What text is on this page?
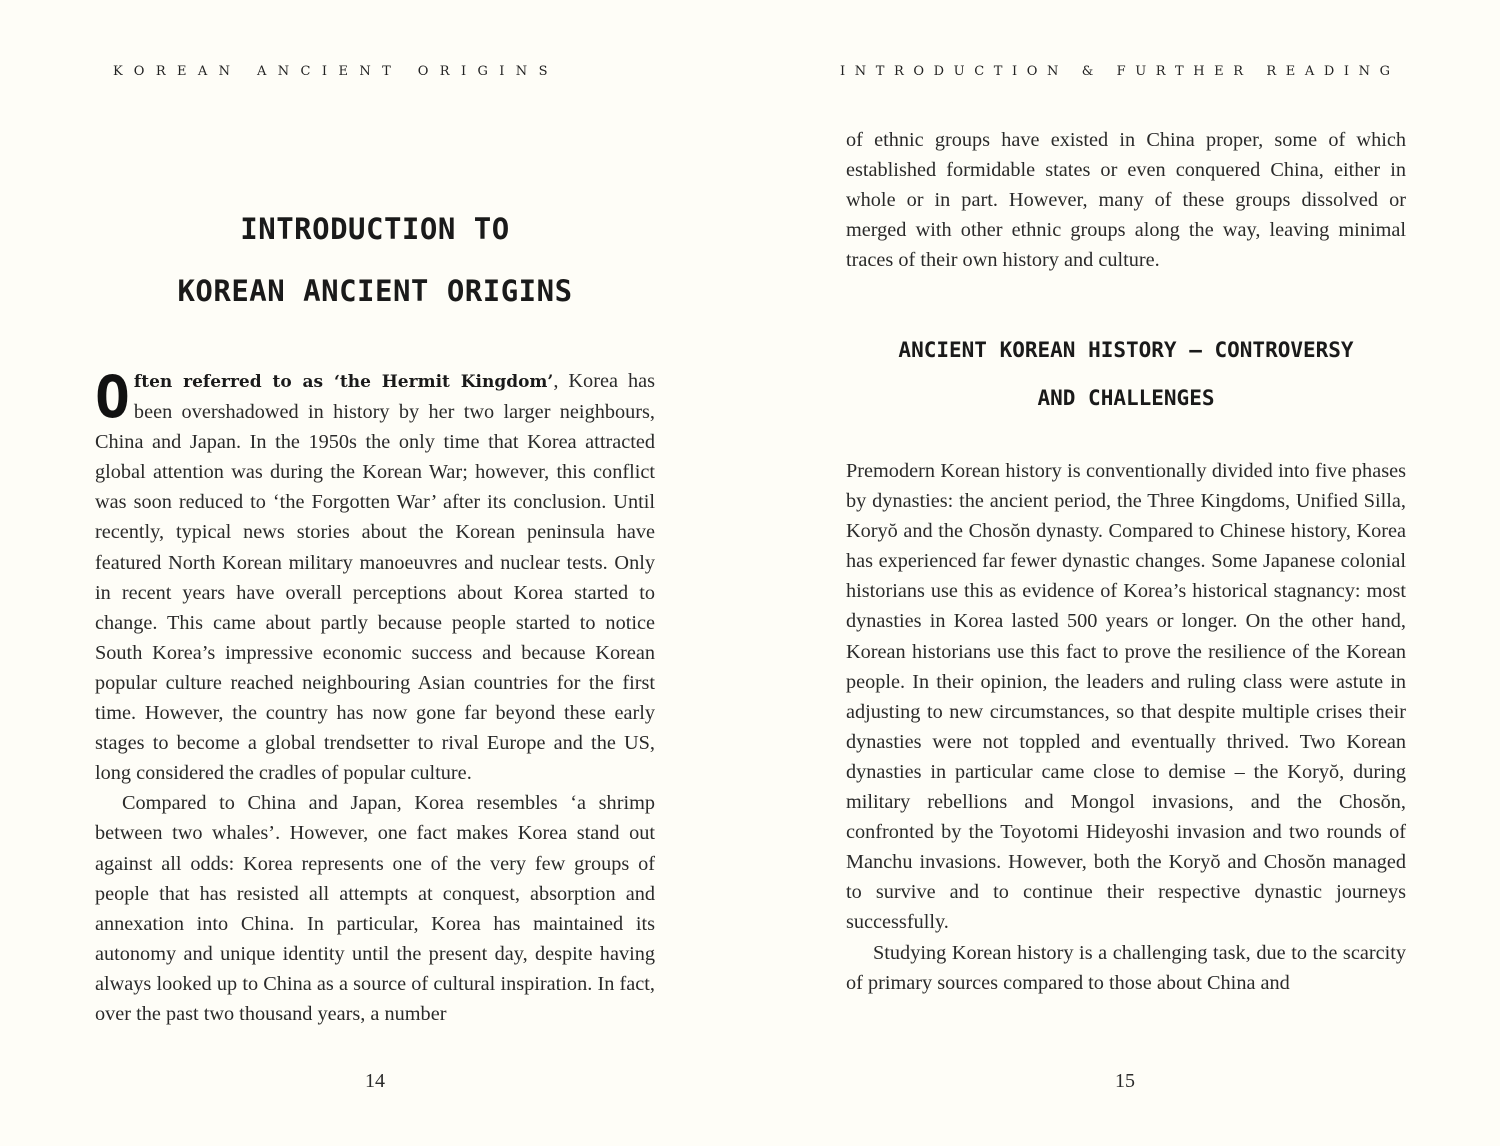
KOREAN ANCIENT ORIGINS
INTRODUCTION TO
KOREAN ANCIENT ORIGINS

Often referred to as ‘the Hermit Kingdom’, Korea has been overshadowed in history by her two larger neighbours, China and Japan. In the 1950s the only time that Korea attracted global attention was during the Korean War; however, this conflict was soon reduced to ‘the Forgotten War’ after its conclusion. Until recently, typical news stories about the Korean peninsula have featured North Korean military manoeuvres and nuclear tests. Only in recent years have overall perceptions about Korea started to change. This came about partly because people started to notice South Korea’s impressive economic success and because Korean popular culture reached neighbouring Asian countries for the first time. However, the country has now gone far beyond these early stages to become a global trendsetter to rival Europe and the US, long considered the cradles of popular culture.

Compared to China and Japan, Korea resembles ‘a shrimp between two whales’. However, one fact makes Korea stand out against all odds: Korea represents one of the very few groups of people that has resisted all attempts at conquest, absorption and annexation into China. In particular, Korea has maintained its autonomy and unique identity until the present day, despite having always looked up to China as a source of cultural inspiration. In fact, over the past two thousand years, a number

14
INTRODUCTION & FURTHER READING

of ethnic groups have existed in China proper, some of which established formidable states or even conquered China, either in whole or in part. However, many of these groups dissolved or merged with other ethnic groups along the way, leaving minimal traces of their own history and culture.

ANCIENT KOREAN HISTORY – CONTROVERSY
AND CHALLENGES

Premodern Korean history is conventionally divided into five phases by dynasties: the ancient period, the Three Kingdoms, Unified Silla, Koryŏ and the Chosŏn dynasty. Compared to Chinese history, Korea has experienced far fewer dynastic changes. Some Japanese colonial historians use this as evidence of Korea’s historical stagnancy: most dynasties in Korea lasted 500 years or longer. On the other hand, Korean historians use this fact to prove the resilience of the Korean people. In their opinion, the leaders and ruling class were astute in adjusting to new circumstances, so that despite multiple crises their dynasties were not toppled and eventually thrived. Two Korean dynasties in particular came close to demise – the Koryŏ, during military rebellions and Mongol invasions, and the Chosŏn, confronted by the Toyotomi Hideyoshi invasion and two rounds of Manchu invasions. However, both the Koryŏ and Chosŏn managed to survive and to continue their respective dynastic journeys successfully.

Studying Korean history is a challenging task, due to the scarcity of primary sources compared to those about China and

15
